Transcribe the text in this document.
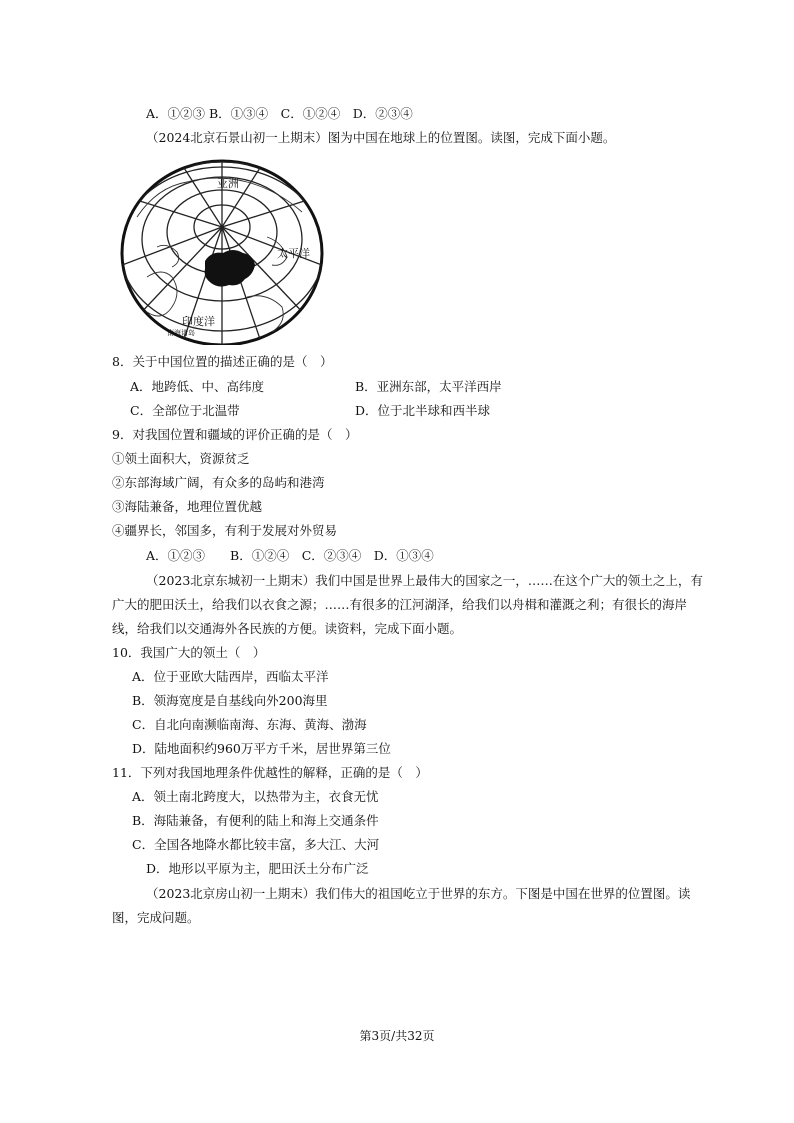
A．①②③ B．①③④　C．①②④　D．②③④
（2024北京石景山初一上期末）图为中国在地球上的位置图。读图，完成下面小题。
亚洲
太平洋
印度洋
南海诸岛
8．关于中国位置的描述正确的是（　）
A．地跨低、中、高纬度	B．亚洲东部，太平洋西岸
C．全部位于北温带	D．位于北半球和西半球
9．对我国位置和疆域的评价正确的是（　）
①领土面积大，资源贫乏
②东部海域广阔，有众多的岛屿和港湾
③海陆兼备，地理位置优越
④疆界长，邻国多，有利于发展对外贸易
A．①②③　　B．①②④　C．②③④　D．①③④
（2023北京东城初一上期末）我们中国是世界上最伟大的国家之一，……在这个广大的领土之上，有
广大的肥田沃土，给我们以衣食之源；……有很多的江河湖泽，给我们以舟楫和灌溉之利；有很长的海岸
线，给我们以交通海外各民族的方便。读资料，完成下面小题。
10．我国广大的领土（　）
A．位于亚欧大陆西岸，西临太平洋
B．领海宽度是自基线向外200海里
C．自北向南濒临南海、东海、黄海、渤海
D．陆地面积约960万平方千米，居世界第三位
11．下列对我国地理条件优越性的解释，正确的是（　）
A．领土南北跨度大，以热带为主，衣食无忧
B．海陆兼备，有便利的陆上和海上交通条件
C．全国各地降水都比较丰富，多大江、大河
D．地形以平原为主，肥田沃土分布广泛
（2023北京房山初一上期末）我们伟大的祖国屹立于世界的东方。下图是中国在世界的位置图。读
图，完成问题。
第3页/共32页
